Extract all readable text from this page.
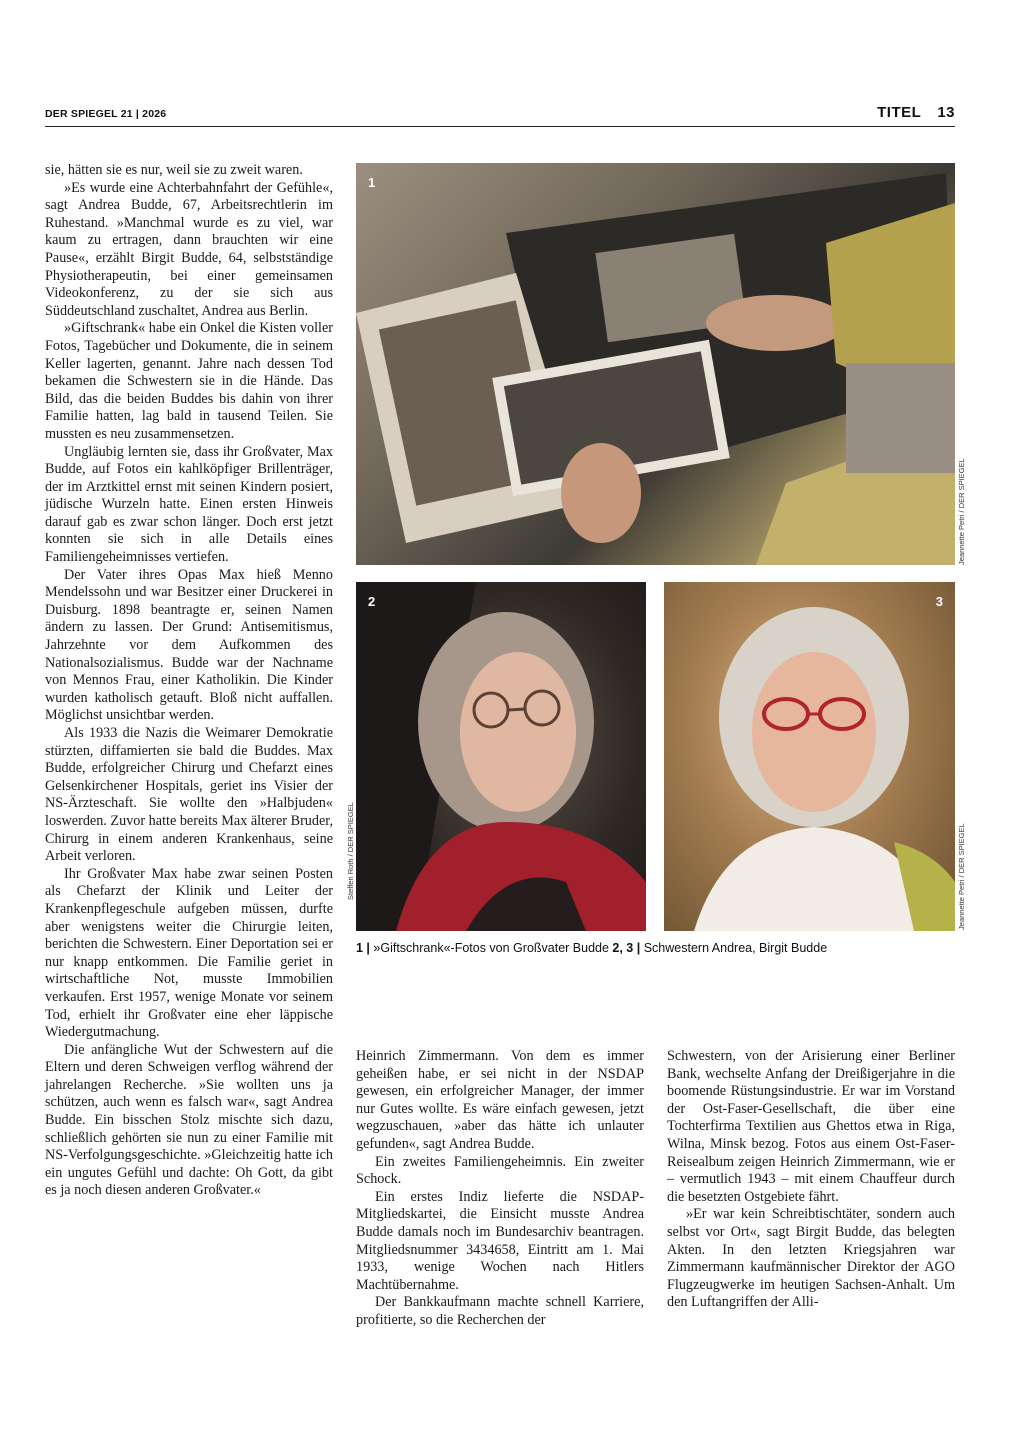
DER SPIEGEL 21 | 2026	TITEL 13

sie, hätten sie es nur, weil sie zu zweit waren.

»Es wurde eine Achterbahnfahrt der Gefühle«, sagt Andrea Budde, 67, Arbeitsrechtlerin im Ruhestand. »Manchmal wurde es zu viel, war kaum zu ertragen, dann brauchten wir eine Pause«, erzählt Birgit Budde, 64, selbstständige Physiotherapeutin, bei einer gemeinsamen Videokonferenz, zu der sie sich aus Süddeutschland zuschaltet, Andrea aus Berlin.

»Giftschrank« habe ein Onkel die Kisten voller Fotos, Tagebücher und Dokumente, die in seinem Keller lagerten, genannt. Jahre nach dessen Tod bekamen die Schwestern sie in die Hände. Das Bild, das die beiden Buddes bis dahin von ihrer Familie hatten, lag bald in tausend Teilen. Sie mussten es neu zusammensetzen.

Ungläubig lernten sie, dass ihr Großvater, Max Budde, auf Fotos ein kahlköpfiger Brillenträger, der im Arztkittel ernst mit seinen Kindern posiert, jüdische Wurzeln hatte. Einen ersten Hinweis darauf gab es zwar schon länger. Doch erst jetzt konnten sie sich in alle Details eines Familiengeheimnisses vertiefen.

Der Vater ihres Opas Max hieß Menno Mendelssohn und war Besitzer einer Druckerei in Duisburg. 1898 beantragte er, seinen Namen ändern zu lassen. Der Grund: Antisemitismus, Jahrzehnte vor dem Aufkommen des Nationalsozialismus. Budde war der Nachname von Mennos Frau, einer Katholikin. Die Kinder wurden katholisch getauft. Bloß nicht auffallen. Möglichst unsichtbar werden.

Als 1933 die Nazis die Weimarer Demokratie stürzten, diffamierten sie bald die Buddes. Max Budde, erfolgreicher Chirurg und Chefarzt eines Gelsenkirchener Hospitals, geriet ins Visier der NS-Ärzteschaft. Sie wollte den »Halbjuden« loswerden. Zuvor hatte bereits Max älterer Bruder, Chirurg in einem anderen Krankenhaus, seine Arbeit verloren.

Ihr Großvater Max habe zwar seinen Posten als Chefarzt der Klinik und Leiter der Krankenpflegeschule aufgeben müssen, durfte aber wenigstens weiter die Chirurgie leiten, berichten die Schwestern. Einer Deportation sei er nur knapp entkommen. Die Familie geriet in wirtschaftliche Not, musste Immobilien verkaufen. Erst 1957, wenige Monate vor seinem Tod, erhielt ihr Großvater eine eher läppische Wiedergutmachung.

Die anfängliche Wut der Schwestern auf die Eltern und deren Schweigen verflog während der jahrelangen Recherche. »Sie wollten uns ja schützen, auch wenn es falsch war«, sagt Andrea Budde. Ein bisschen Stolz mischte sich dazu, schließlich gehörten sie nun zu einer Familie mit NS-Verfolgungsgeschichte. »Gleichzeitig hatte ich ein ungutes Gefühl und dachte: Oh Gott, da gibt es ja noch diesen anderen Großvater.«

1
Jeannette Petri / DER SPIEGEL
2
Steffen Roth / DER SPIEGEL
3
Jeannette Petri / DER SPIEGEL
1 | »Giftschrank«-Fotos von Großvater Budde 2, 3 | Schwestern Andrea, Birgit Budde

Heinrich Zimmermann. Von dem es immer geheißen habe, er sei nicht in der NSDAP gewesen, ein erfolgreicher Manager, der immer nur Gutes wollte. Es wäre einfach gewesen, jetzt wegzuschauen, »aber das hätte ich unlauter gefunden«, sagt Andrea Budde.

Ein zweites Familiengeheimnis. Ein zweiter Schock.

Ein erstes Indiz lieferte die NSDAP-Mitgliedskartei, die Einsicht musste Andrea Budde damals noch im Bundesarchiv beantragen. Mitgliedsnummer 3434658, Eintritt am 1. Mai 1933, wenige Wochen nach Hitlers Machtübernahme.

Der Bankkaufmann machte schnell Karriere, profitierte, so die Recherchen der

Schwestern, von der Arisierung einer Berliner Bank, wechselte Anfang der Dreißigerjahre in die boomende Rüstungsindustrie. Er war im Vorstand der Ost-Faser-Gesellschaft, die über eine Tochterfirma Textilien aus Ghettos etwa in Riga, Wilna, Minsk bezog. Fotos aus einem Ost-Faser-Reisealbum zeigen Heinrich Zimmermann, wie er – vermutlich 1943 – mit einem Chauffeur durch die besetzten Ostgebiete fährt.

»Er war kein Schreibtischtäter, sondern auch selbst vor Ort«, sagt Birgit Budde, das belegten Akten. In den letzten Kriegsjahren war Zimmermann kaufmännischer Direktor der AGO Flugzeugwerke im heutigen Sachsen-Anhalt. Um den Luftangriffen der Alli-
